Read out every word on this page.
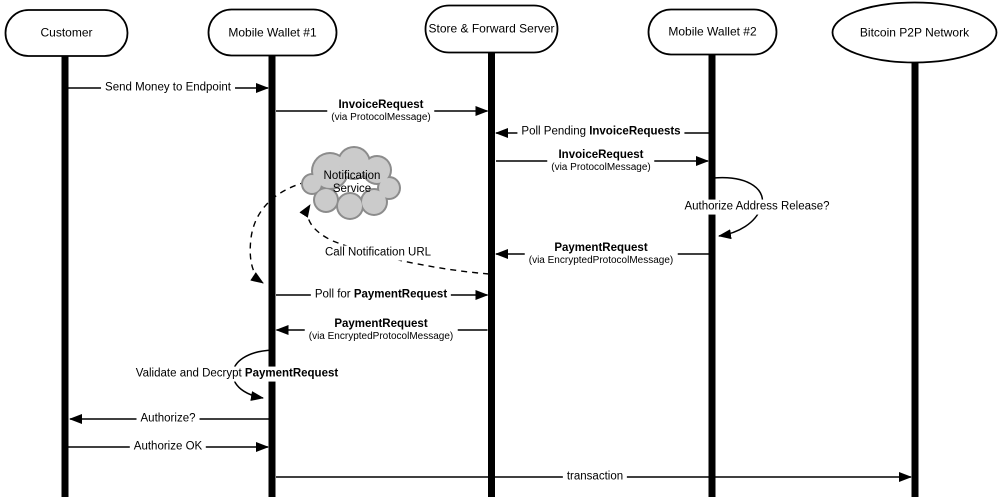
Customer	Mobile Wallet #1	Store & Forward Server	Mobile Wallet #2	Bitcoin P2P Network
Notification
Service
Send Money to Endpoint
InvoiceRequest
(via ProtocolMessage)
Poll Pending InvoiceRequests
InvoiceRequest
(via ProtocolMessage)
Authorize Address Release?
PaymentRequest
(via EncryptedProtocolMessage)
Call Notification URL
Poll for PaymentRequest
PaymentRequest
(via EncryptedProtocolMessage)
Validate and Decrypt PaymentRequest
Authorize?
Authorize OK
transaction
